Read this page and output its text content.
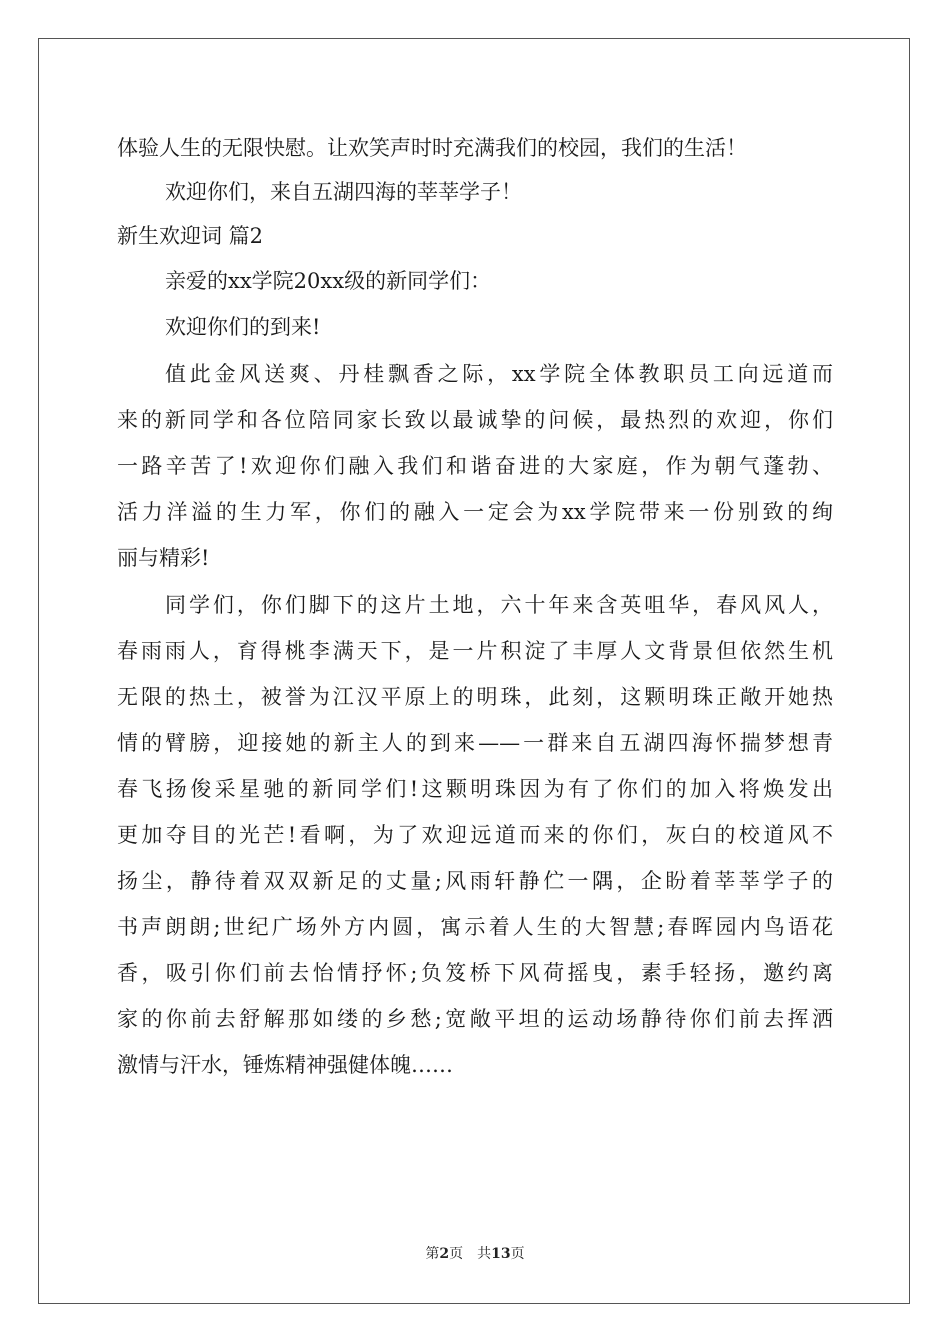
体验人生的无限快慰。让欢笑声时时充满我们的校园，我们的生活！
欢迎你们，来自五湖四海的莘莘学子！
新生欢迎词 篇2
亲爱的xx学院20xx级的新同学们：
欢迎你们的到来!
值此金风送爽、丹桂飘香之际，xx学院全体教职员工向远道而
来的新同学和各位陪同家长致以最诚挚的问候，最热烈的欢迎，你们
一路辛苦了!欢迎你们融入我们和谐奋进的大家庭，作为朝气蓬勃、
活力洋溢的生力军，你们的融入一定会为xx学院带来一份别致的绚
丽与精彩!
同学们，你们脚下的这片土地，六十年来含英咀华，春风风人，
春雨雨人，育得桃李满天下，是一片积淀了丰厚人文背景但依然生机
无限的热土，被誉为江汉平原上的明珠，此刻，这颗明珠正敞开她热
情的臂膀，迎接她的新主人的到来——一群来自五湖四海怀揣梦想青
春飞扬俊采星驰的新同学们!这颗明珠因为有了你们的加入将焕发出
更加夺目的光芒!看啊，为了欢迎远道而来的你们，灰白的校道风不
扬尘，静待着双双新足的丈量;风雨轩静伫一隅，企盼着莘莘学子的
书声朗朗;世纪广场外方内圆，寓示着人生的大智慧;春晖园内鸟语花
香，吸引你们前去怡情抒怀;负笈桥下风荷摇曳，素手轻扬，邀约离
家的你前去舒解那如缕的乡愁;宽敞平坦的运动场静待你们前去挥洒
激情与汗水，锤炼精神强健体魄……
第2页 共13页
